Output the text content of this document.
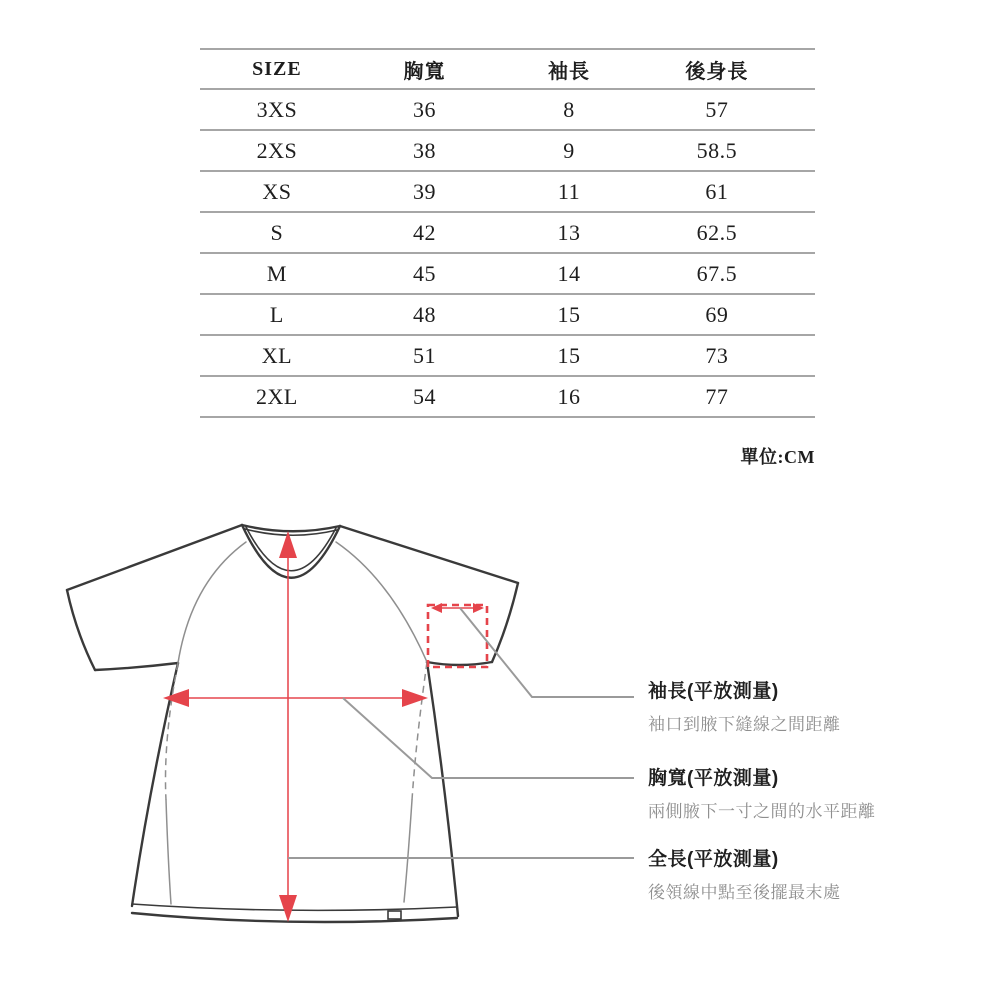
SIZE	胸寬	袖長	後身長
3XS	36	8	57
2XS	38	9	58.5
XS	39	11	61
S	42	13	62.5
M	45	14	67.5
L	48	15	69
XL	51	15	73
2XL	54	16	77
單位:CM
袖長(平放測量)
袖口到腋下縫線之間距離
胸寬(平放測量)
兩側腋下一寸之間的水平距離
全長(平放測量)
後領線中點至後擺最末處
